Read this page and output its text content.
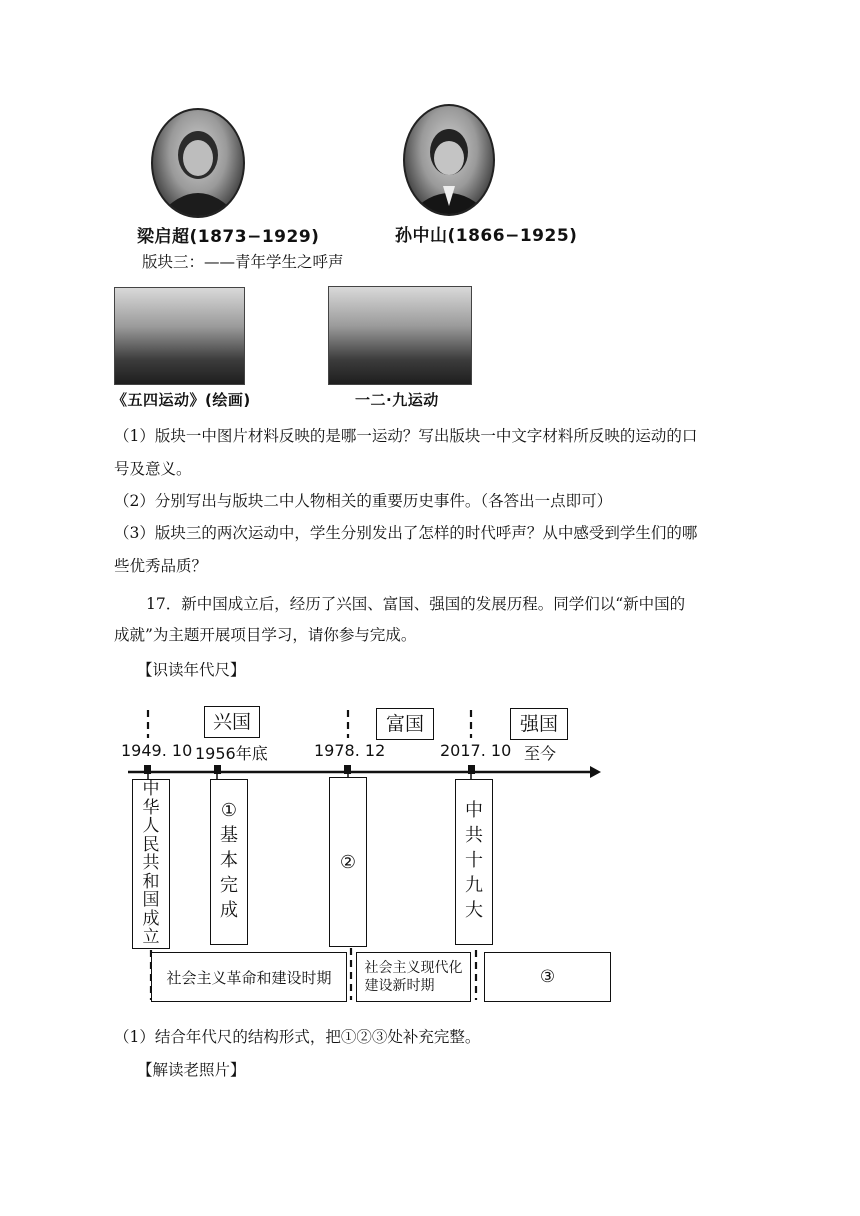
梁启超(1873−1929)	孙中山(1866−1925)
版块三：——青年学生之呼声
《五四运动》(绘画)	一二·九运动
（1）版块一中图片材料反映的是哪一运动？写出版块一中文字材料所反映的运动的口
号及意义。
（2）分别写出与版块二中人物相关的重要历史事件。（各答出一点即可）
（3）版块三的两次运动中，学生分别发出了怎样的时代呼声？从中感受到学生们的哪
些优秀品质？
17．新中国成立后，经历了兴国、富国、强国的发展历程。同学们以“新中国的
成就”为主题开展项目学习，请你参与完成。
【识读年代尺】
兴国	富国	强国
1949. 10 1956年底	1978. 12	2017. 10 至今
中
华
人
民
共
和
国
成
立
①
基
本
完
成
②
中
共
十
九
大
社会主义革命和建设时期
社会主义现代化
建设新时期	③
（1）结合年代尺的结构形式，把①②③处补充完整。
【解读老照片】
